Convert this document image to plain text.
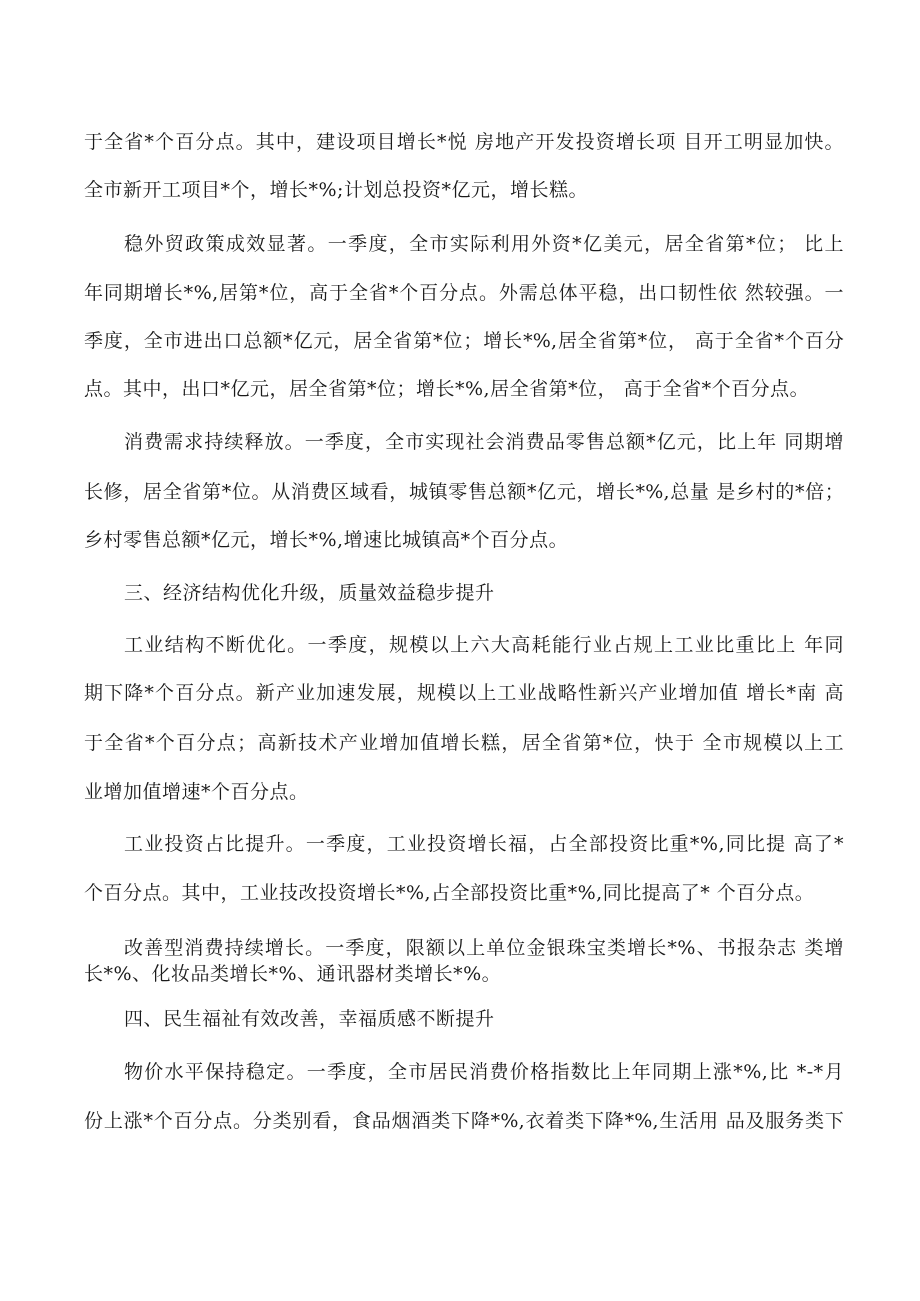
于全省*个百分点。其中，建设项目增长*悦 房地产开发投资增长项 目开工明显加快。
全市新开工项目*个，增长*%;计划总投资*亿元，增长糕。
稳外贸政策成效显著。一季度，全市实际利用外资*亿美元，居全省第*位； 比上
年同期增长*%,居第*位，高于全省*个百分点。外需总体平稳，出口韧性依 然较强。一
季度，全市进出口总额*亿元，居全省第*位；增长*%,居全省第*位， 高于全省*个百分
点。其中，出口*亿元，居全省第*位；增长*%,居全省第*位， 高于全省*个百分点。
消费需求持续释放。一季度，全市实现社会消费品零售总额*亿元，比上年 同期增
长修，居全省第*位。从消费区域看，城镇零售总额*亿元，增长*%,总量 是乡村的*倍；
乡村零售总额*亿元，增长*%,增速比城镇高*个百分点。
三、经济结构优化升级，质量效益稳步提升
工业结构不断优化。一季度，规模以上六大高耗能行业占规上工业比重比上 年同
期下降*个百分点。新产业加速发展，规模以上工业战略性新兴产业增加值 增长*南 高
于全省*个百分点；高新技术产业增加值增长糕，居全省第*位，快于 全市规模以上工
业增加值增速*个百分点。
工业投资占比提升。一季度，工业投资增长福，占全部投资比重*%,同比提 高了*
个百分点。其中，工业技改投资增长*%,占全部投资比重*%,同比提高了* 个百分点。
改善型消费持续增长。一季度，限额以上单位金银珠宝类增长*%、书报杂志 类增
长*%、化妆品类增长*%、通讯器材类增长*%。
四、民生福祉有效改善，幸福质感不断提升
物价水平保持稳定。一季度，全市居民消费价格指数比上年同期上涨*%,比 *-*月
份上涨*个百分点。分类别看，食品烟酒类下降*%,衣着类下降*%,生活用 品及服务类下
